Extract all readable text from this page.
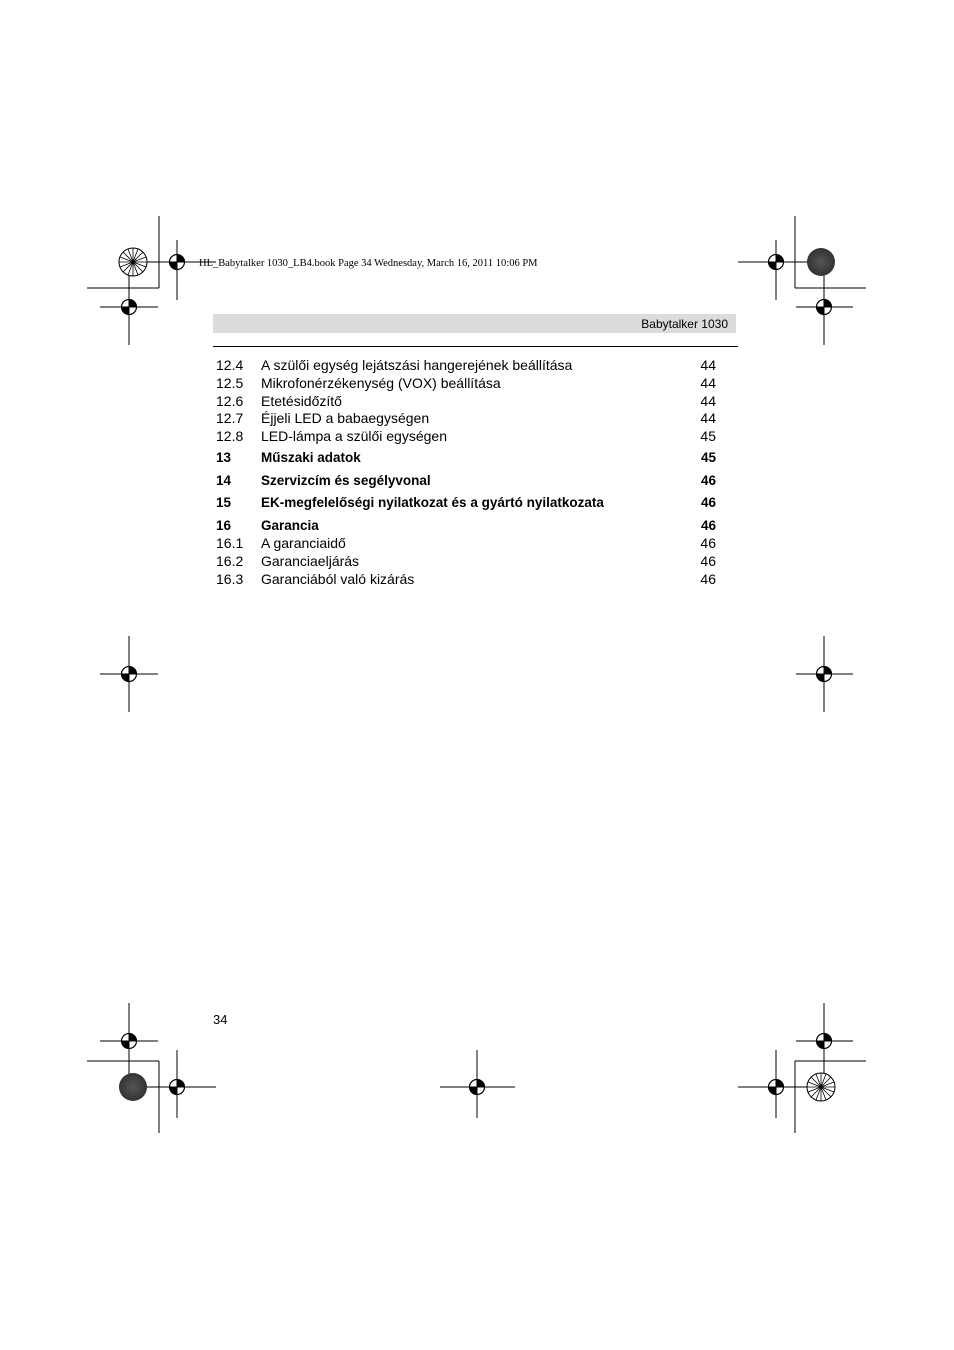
HL_Babytalker 1030_LB4.book Page 34 Wednesday, March 16, 2011 10:06 PM
Babytalker 1030
12.4 A szülői egység lejátszási hangerejének beállítása	44
12.5 Mikrofonérzékenység (VOX) beállítása	44
12.6 Etetésidőzítő	44
12.7 Éjjeli LED a babaegységen	44
12.8 LED-lámpa a szülői egységen	45
13 Műszaki adatok	45
14 Szervizcím és segélyvonal	46
15 EK-megfelelőségi nyilatkozat és a gyártó nyilatkozata	46
16 Garancia	46
16.1 A garanciaidő	46
16.2 Garanciaeljárás	46
16.3 Garanciából való kizárás	46
34
